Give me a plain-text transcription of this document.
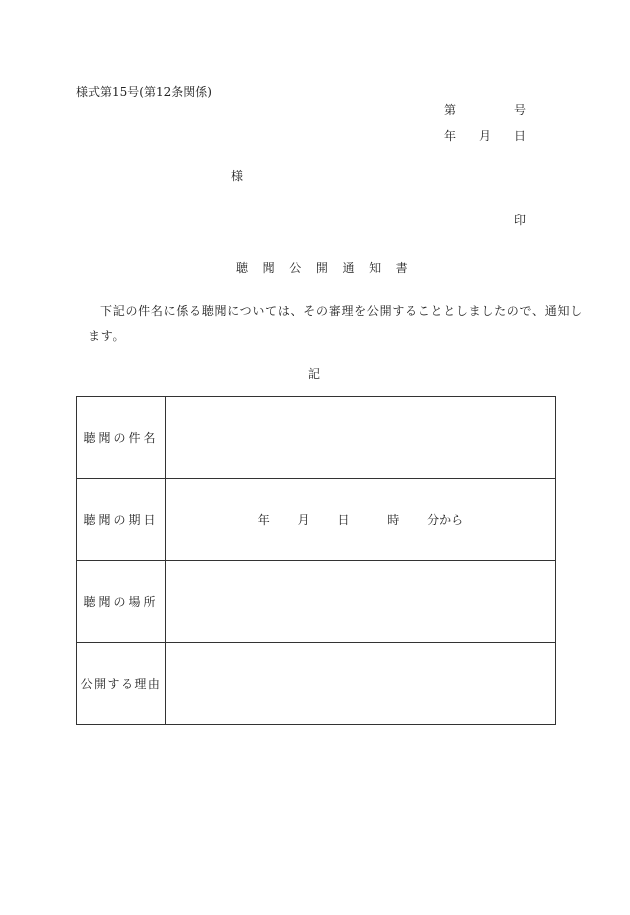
様式第15号(第12条関係)
第	号
年 月 日
様
印
聴 聞 公 開 通 知 書
下記の件名に係る聴聞については、その審理を公開することとしましたので、通知し
ます。
記
聴聞の件名	
聴聞の期日	年 月 日 時 分から

聴聞の場所	
公開する理由	
